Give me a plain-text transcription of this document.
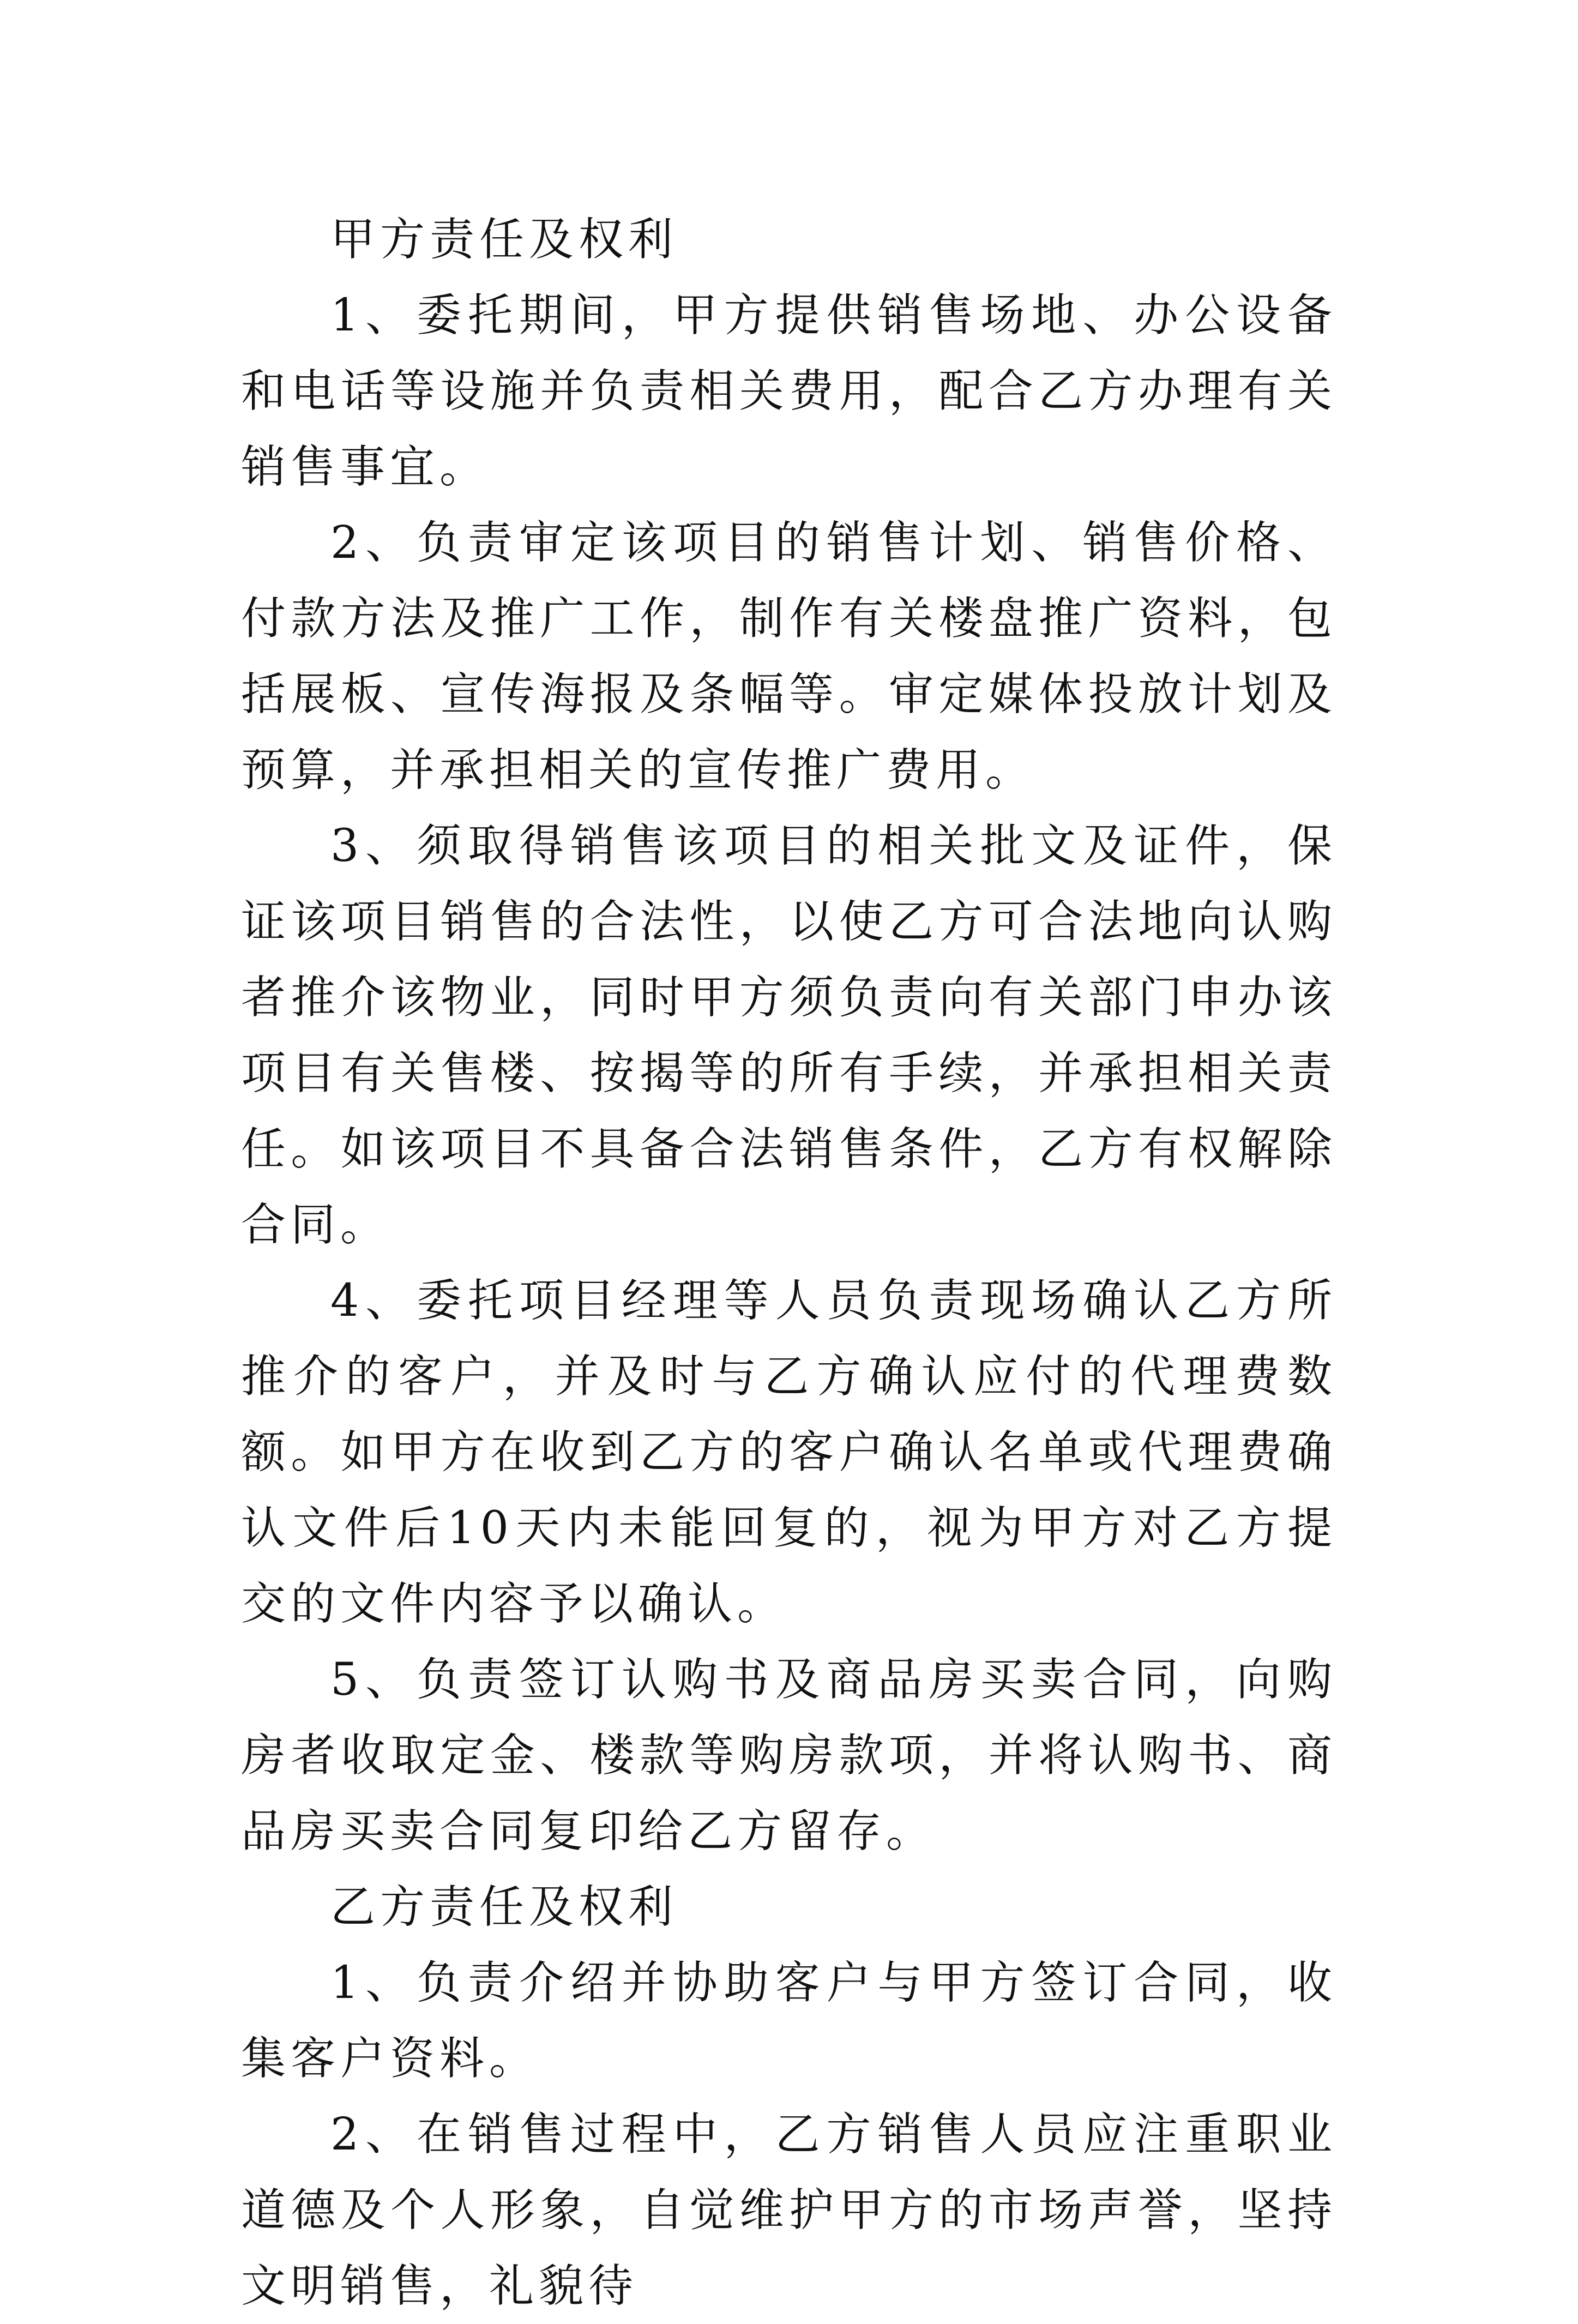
甲方责任及权利

1、委托期间，甲方提供销售场地、办公设备和电话等设施并负责相关费用，配合乙方办理有关销售事宜。

2、负责审定该项目的销售计划、销售价格、付款方法及推广工作，制作有关楼盘推广资料，包括展板、宣传海报及条幅等。审定媒体投放计划及预算，并承担相关的宣传推广费用。

3、须取得销售该项目的相关批文及证件，保证该项目销售的合法性，以使乙方可合法地向认购者推介该物业，同时甲方须负责向有关部门申办该项目有关售楼、按揭等的所有手续，并承担相关责任。如该项目不具备合法销售条件，乙方有权解除合同。

4、委托项目经理等人员负责现场确认乙方所推介的客户，并及时与乙方确认应付的代理费数额。如甲方在收到乙方的客户确认名单或代理费确认文件后10天内未能回复的，视为甲方对乙方提交的文件内容予以确认。

5、负责签订认购书及商品房买卖合同，向购房者收取定金、楼款等购房款项，并将认购书、商品房买卖合同复印给乙方留存。

乙方责任及权利

1、负责介绍并协助客户与甲方签订合同，收集客户资料。

2、在销售过程中，乙方销售人员应注重职业道德及个人形象，自觉维护甲方的市场声誉，坚持文明销售，礼貌待
